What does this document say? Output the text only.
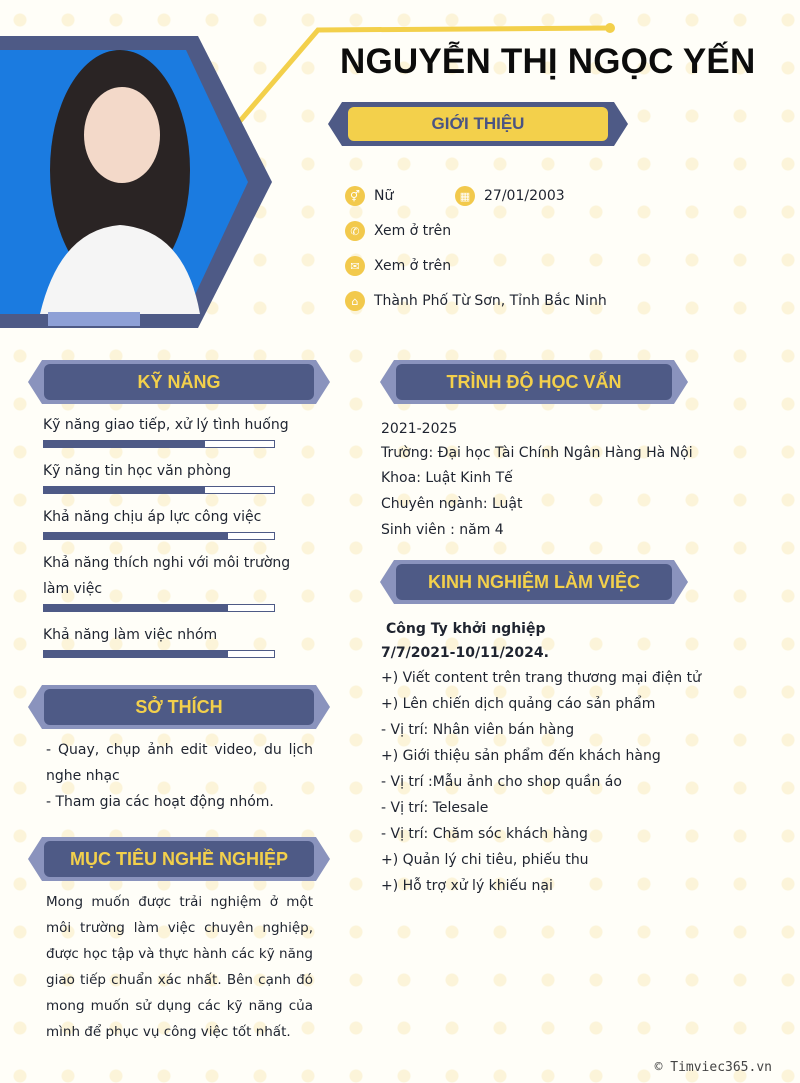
NGUYỄN THỊ NGỌC YẾN
GIỚI THIỆU
⚥	Nữ	▦ 27/01/2003
✆	Xem ở trên
✉	Xem ở trên
⌂	Thành Phố Từ Sơn, Tỉnh Bắc Ninh
KỸ NĂNG
Kỹ năng giao tiếp, xử lý tình huống
Kỹ năng tin học văn phòng
Khả năng chịu áp lực công việc
Khả năng thích nghi với môi trường làm việc
Khả năng làm việc nhóm
SỞ THÍCH
- Quay, chụp ảnh edit video, du lịch nghe nhạc
- Tham gia các hoạt động nhóm.
MỤC TIÊU NGHỀ NGHIỆP
Mong muốn được trải nghiệm ở một môi trường làm việc chuyên nghiệp, được học tập và thực hành các kỹ năng giao tiếp chuẩn xác nhất. Bên cạnh đó mong muốn sử dụng các kỹ năng của mình để phục vụ công việc tốt nhất.
TRÌNH ĐỘ HỌC VẤN
2021-2025
Trường: Đại học Tài Chính Ngân Hàng Hà Nội
Khoa: Luật Kinh Tế
Chuyên ngành: Luật
Sinh viên : năm 4
KINH NGHIỆM LÀM VIỆC
Công Ty khởi nghiệp
7/7/2021-10/11/2024.
+) Viết content trên trang thương mại điện tử
+) Lên chiến dịch quảng cáo sản phẩm
- Vị trí: Nhân viên bán hàng
+) Giới thiệu sản phẩm đến khách hàng
- Vị trí :Mẫu ảnh cho shop quần áo
- Vị trí: Telesale
- Vị trí: Chăm sóc khách hàng
+) Quản lý chi tiêu, phiếu thu
+) Hỗ trợ xử lý khiếu nại
© Timviec365.vn
